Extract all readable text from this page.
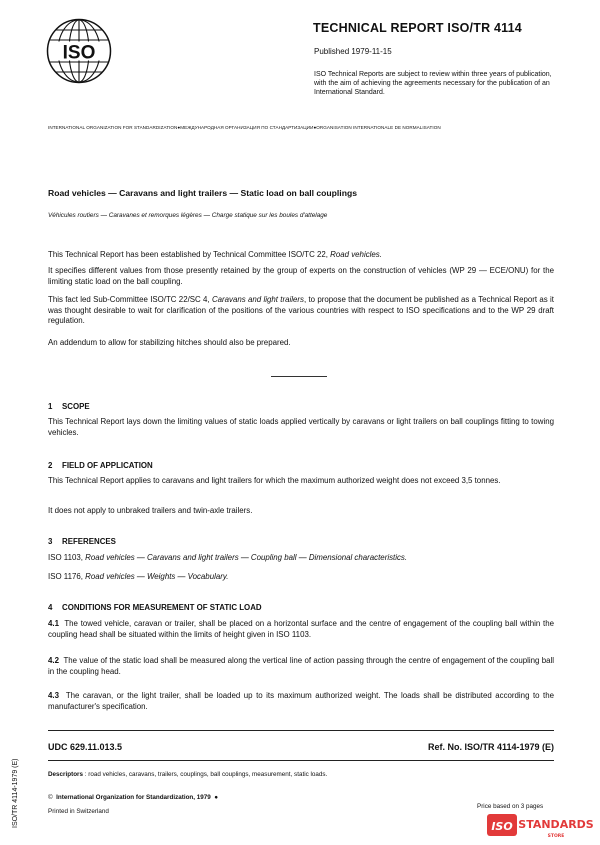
ISO
TECHNICAL REPORT ISO/TR 4114
Published 1979-11-15
ISO Technical Reports are subject to review within three years of publication, with the aim of achieving the agreements necessary for the publication of an International Standard.
INTERNATIONAL ORGANIZATION FOR STANDARDIZATION●МЕЖДУНАРОДНАЯ ОРГАНИЗАЦИЯ ПО СТАНДАРТИЗАЦИИ●ORGANISATION INTERNATIONALE DE NORMALISATION
Road vehicles — Caravans and light trailers — Static load on ball couplings
Véhicules routiers — Caravanes et remorques légères — Charge statique sur les boules d'attelage
This Technical Report has been established by Technical Committee ISO/TC 22, Road vehicles.
It specifies different values from those presently retained by the group of experts on the construction of vehicles (WP 29 — ECE/ONU) for the limiting static load on the ball coupling.
This fact led Sub-Committee ISO/TC 22/SC 4, Caravans and light trailers, to propose that the document be published as a Technical Report as it was thought desirable to wait for clarification of the positions of the various countries with respect to ISO specifications and to the WP 29 draft regulation.
An addendum to allow for stabilizing hitches should also be prepared.
1 SCOPE
This Technical Report lays down the limiting values of static loads applied vertically by caravans or light trailers on ball couplings fitting to towing vehicles.
2 FIELD OF APPLICATION
This Technical Report applies to caravans and light trailers for which the maximum authorized weight does not exceed 3,5 tonnes.
It does not apply to unbraked trailers and twin-axle trailers.
3 REFERENCES
ISO 1103, Road vehicles — Caravans and light trailers — Coupling ball — Dimensional characteristics.
ISO 1176, Road vehicles — Weights — Vocabulary.
4 CONDITIONS FOR MEASUREMENT OF STATIC LOAD
4.1 The towed vehicle, caravan or trailer, shall be placed on a horizontal surface and the centre of engagement of the coupling ball within the coupling head shall be situated within the limits of height given in ISO 1103.
4.2 The value of the static load shall be measured along the vertical line of action passing through the centre of engagement of the coupling ball in the coupling head.
4.3 The caravan, or the light trailer, shall be loaded up to its maximum authorized weight. The loads shall be distributed according to the manufacturer's specification.
UDC 629.11.013.5	Ref. No. ISO/TR 4114-1979 (E)
Descriptors : road vehicles, caravans, trailers, couplings, ball couplings, measurement, static loads.
© International Organization for Standardization, 1979 ●
Printed in Switzerland
Price based on 3 pages
ISO/TR 4114-1979 (E)	ISO STANDARDS
STORE
